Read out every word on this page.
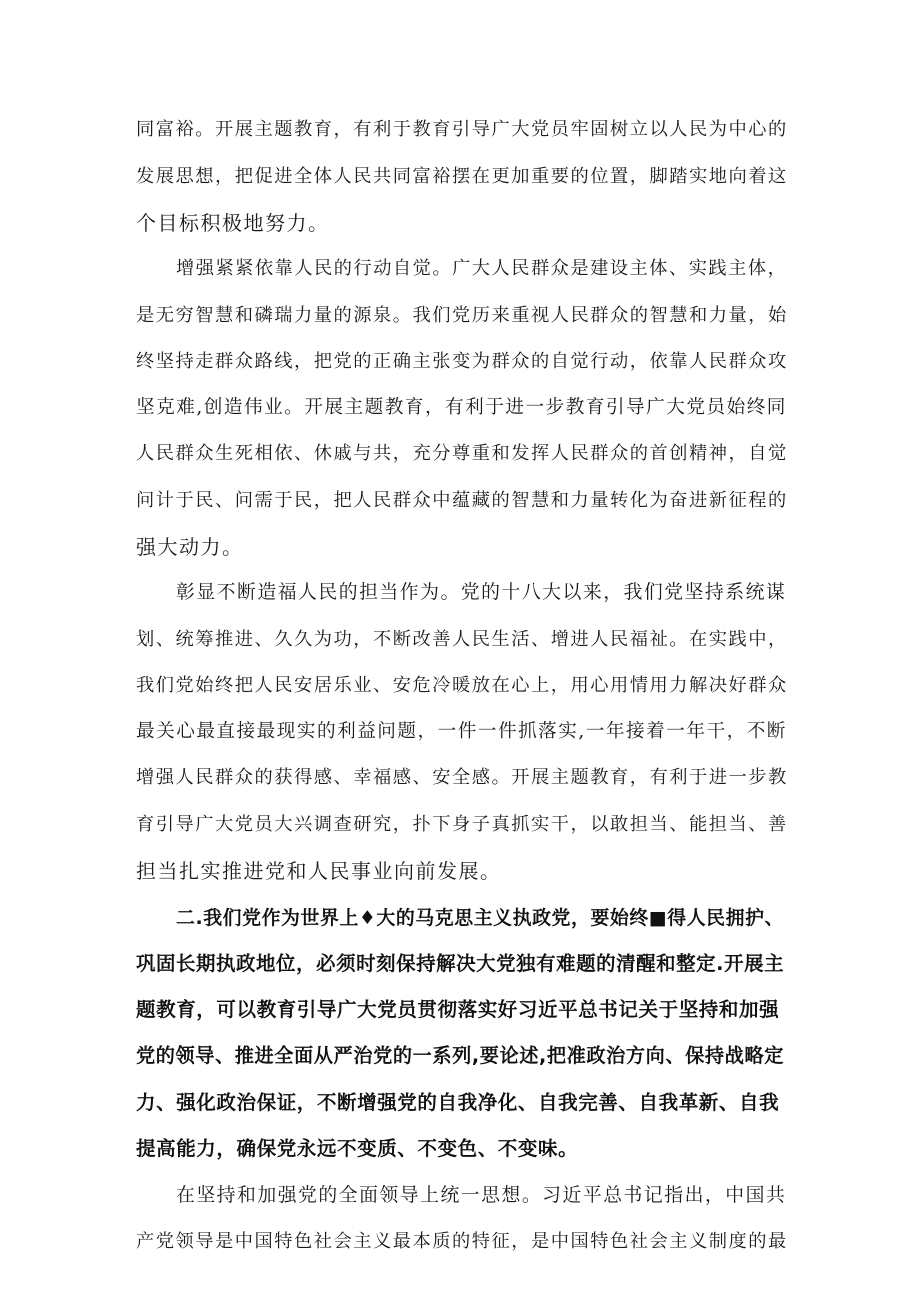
同富裕。开展主题教育，有利于教育引导广大党员牢固树立以人民为中心的
发展思想，把促进全体人民共同富裕摆在更加重要的位置，脚踏实地向着这
个目标积极地努力。
增强紧紧依靠人民的行动自觉。广大人民群众是建设主体、实践主体，
是无穷智慧和磷瑞力量的源泉。我们党历来重视人民群众的智慧和力量，始
终坚持走群众路线，把党的正确主张变为群众的自觉行动，依靠人民群众攻
坚克难,创造伟业。开展主题教育，有利于进一步教育引导广大党员始终同
人民群众生死相依、休戚与共，充分尊重和发挥人民群众的首创精神，自觉
问计于民、问需于民，把人民群众中蕴藏的智慧和力量转化为奋进新征程的
强大动力。
彰显不断造福人民的担当作为。党的十八大以来，我们党坚持系统谋
划、统筹推进、久久为功，不断改善人民生活、增进人民福祉。在实践中，
我们党始终把人民安居乐业、安危冷暖放在心上，用心用情用力解决好群众
最关心最直接最现实的利益问题，一件一件抓落实,一年接着一年干，不断
增强人民群众的获得感、幸福感、安全感。开展主题教育，有利于进一步教
育引导广大党员大兴调查研究，扑下身子真抓实干，以敢担当、能担当、善
担当扎实推进党和人民事业向前发展。
二.我们党作为世界上♦大的马克思主义执政党，要始终■得人民拥护、
巩固长期执政地位，必须时刻保持解决大党独有难题的清醒和整定.开展主
题教育，可以教育引导广大党员贯彻落实好习近平总书记关于坚持和加强
党的领导、推进全面从严治党的一系列,要论述,把准政治方向、保持战略定
力、强化政治保证，不断增强党的自我净化、自我完善、自我革新、自我
提高能力，确保党永远不变质、不变色、不变味。
在坚持和加强党的全面领导上统一思想。习近平总书记指出，中国共
产党领导是中国特色社会主义最本质的特征，是中国特色社会主义制度的最
